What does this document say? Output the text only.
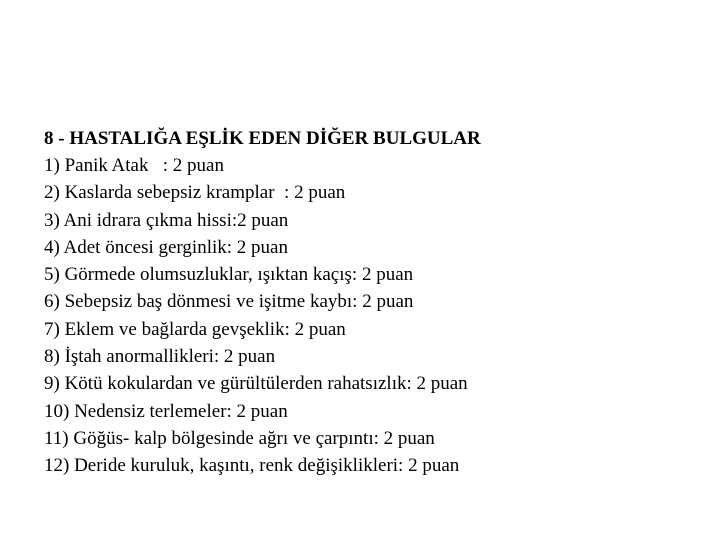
8 - HASTALIĞA EŞLİK EDEN DİĞER BULGULAR

1) Panik Atak   : 2 puan
2) Kaslarda sebepsiz kramplar  : 2 puan
3) Ani idrara çıkma hissi:2 puan
4) Adet öncesi gerginlik: 2 puan
5) Görmede olumsuzluklar, ışıktan kaçış: 2 puan
6) Sebepsiz baş dönmesi ve işitme kaybı: 2 puan
7) Eklem ve bağlarda gevşeklik: 2 puan
8) İştah anormallikleri: 2 puan
9) Kötü kokulardan ve gürültülerden rahatsızlık: 2 puan
10) Nedensiz terlemeler: 2 puan
11) Göğüs- kalp bölgesinde ağrı ve çarpıntı: 2 puan
12) Deride kuruluk, kaşıntı, renk değişiklikleri: 2 puan
